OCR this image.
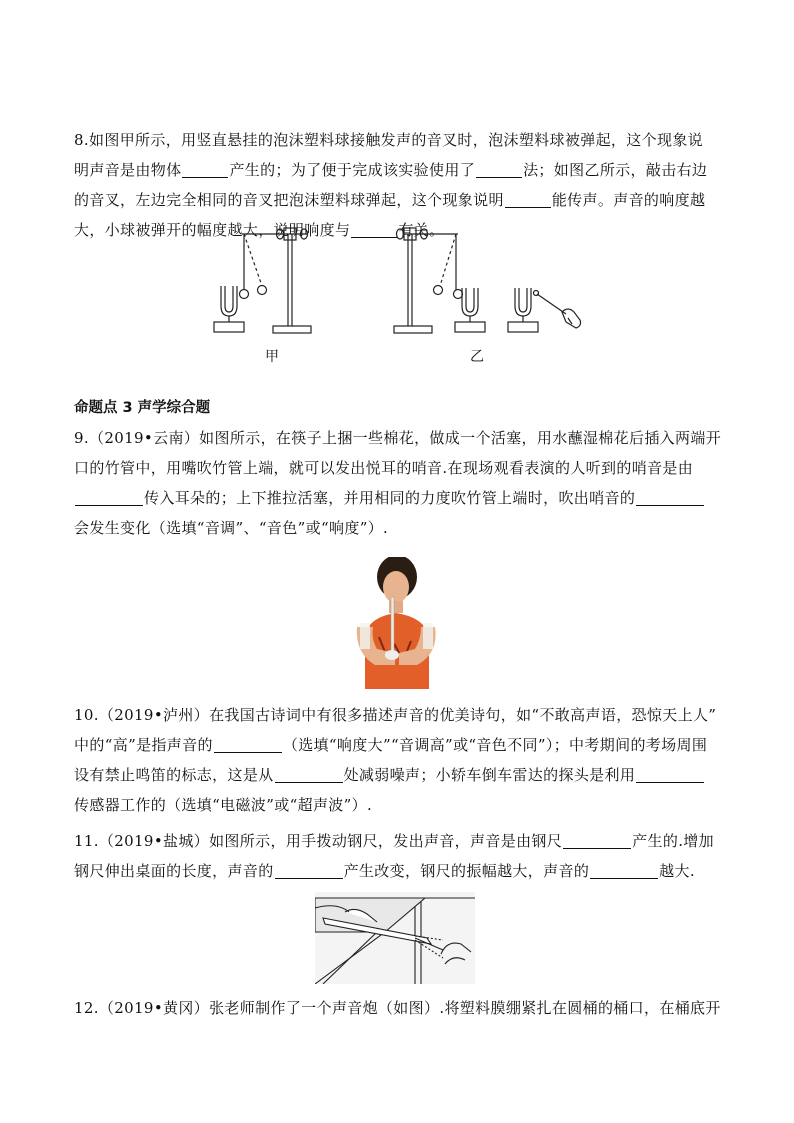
8.如图甲所示，用竖直悬挂的泡沫塑料球接触发声的音叉时，泡沫塑料球被弹起，这个现象说
明声音是由物体	产生的；为了便于完成该实验使用了	法；如图乙所示，敲击右边
的音叉，左边完全相同的音叉把泡沫塑料球弹起，这个现象说明	能传声。声音的响度越
大，小球被弹开的幅度越大，说明响度与	有关。
甲	乙
命题点 3 声学综合题
9.（2019•云南）如图所示，在筷子上捆一些棉花，做成一个活塞，用水蘸湿棉花后插入两端开
口的竹管中，用嘴吹竹管上端，就可以发出悦耳的哨音.在现场观看表演的人听到的哨音是由
传入耳朵的；上下推拉活塞，并用相同的力度吹竹管上端时，吹出哨音的
会发生变化（选填“音调”、“音色”或“响度”）.
10.（2019•泸州）在我国古诗词中有很多描述声音的优美诗句，如“不敢高声语，恐惊天上人”
中的“高”是指声音的	（选填“响度大”“音调高”或“音色不同”）；中考期间的考场周围
设有禁止鸣笛的标志，这是从	处减弱噪声；小轿车倒车雷达的探头是利用
传感器工作的（选填“电磁波”或“超声波”）.
11.（2019•盐城）如图所示，用手拨动钢尺，发出声音，声音是由钢尺	产生的.增加
钢尺伸出桌面的长度，声音的	产生改变，钢尺的振幅越大，声音的	越大.
12.（2019•黄冈）张老师制作了一个声音炮（如图）.将塑料膜绷紧扎在圆桶的桶口，在桶底开
